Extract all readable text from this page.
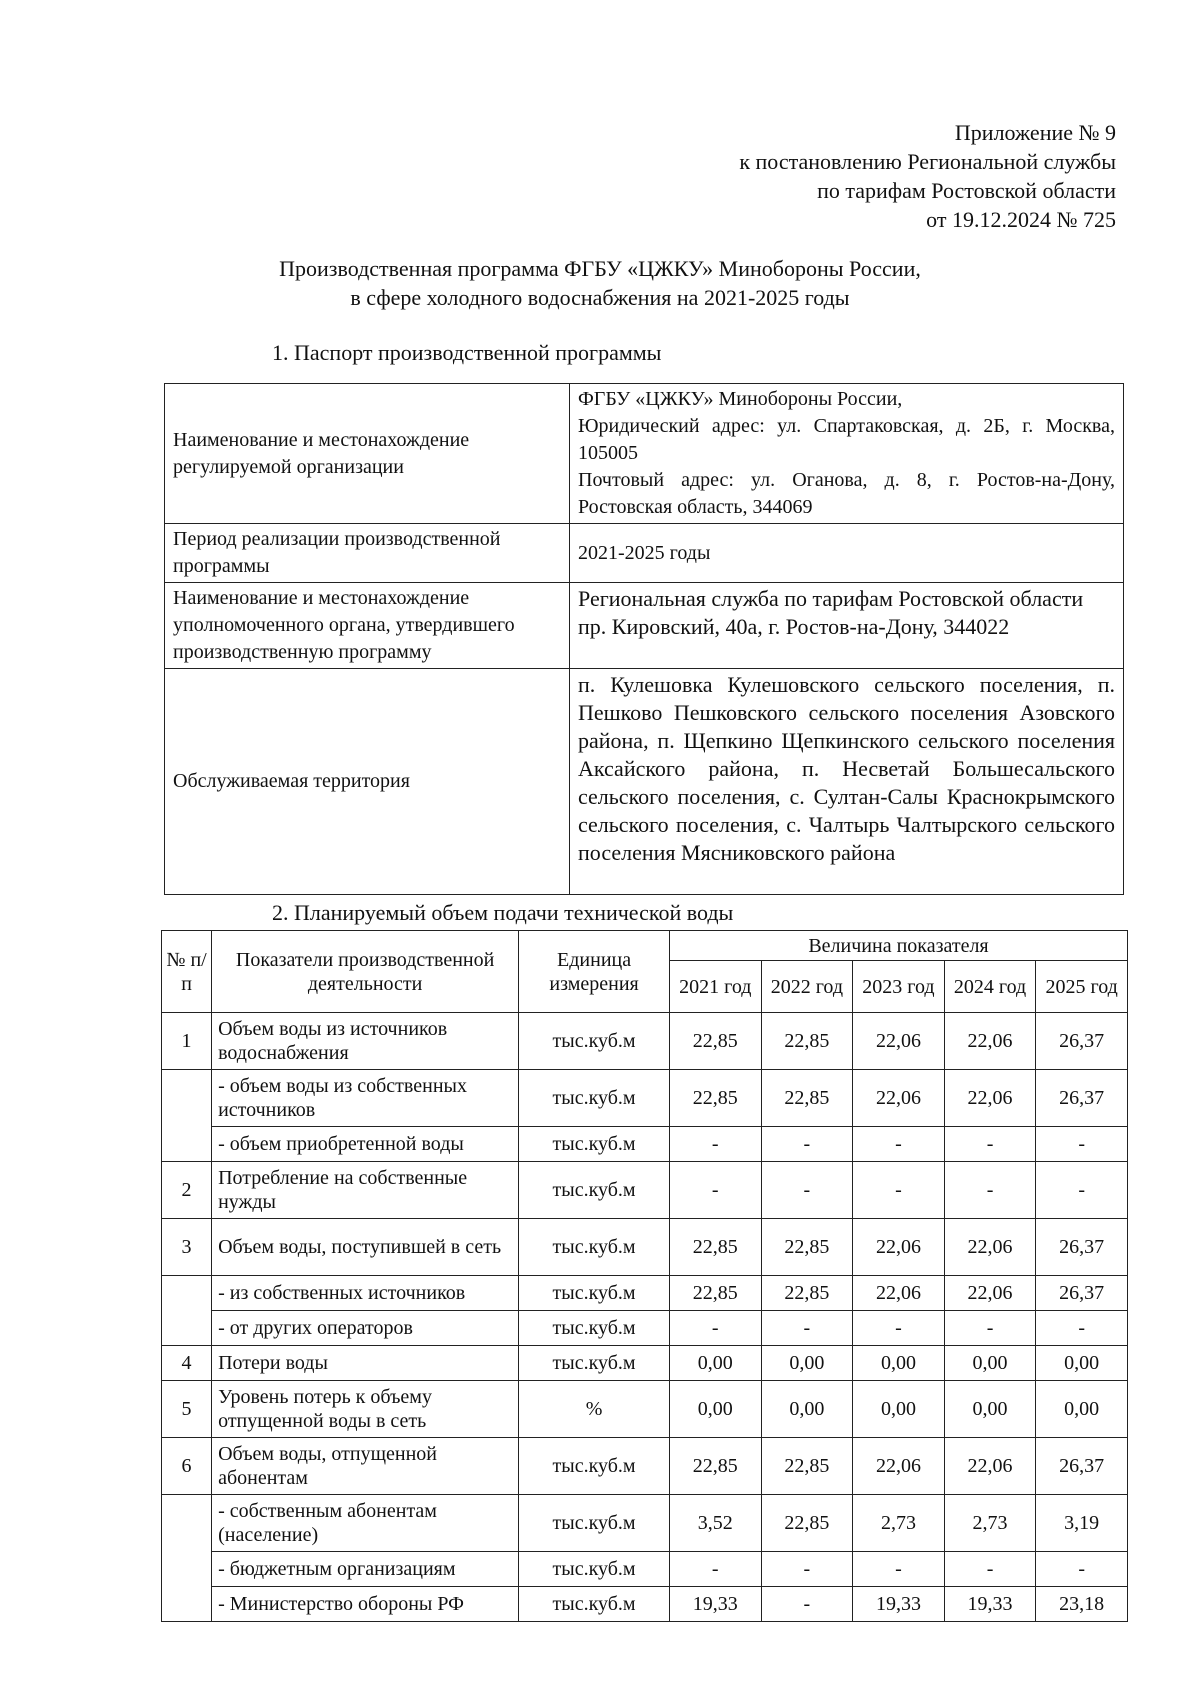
Приложение № 9
к постановлению Региональной службы
по тарифам Ростовской области
от 19.12.2024 № 725
Производственная программа ФГБУ «ЦЖКУ» Минобороны России,
в сфере холодного водоснабжения на 2021-2025 годы
1. Паспорт производственной программы
Наименование и местонахождение регулируемой организации	ФГБУ «ЦЖКУ» Минобороны России,
Юридический адрес: ул. Спартаковская, д. 2Б, г. Москва, 105005
Почтовый адрес: ул. Оганова, д. 8, г. Ростов-на-Дону, Ростовская область, 344069

Период реализации производственной программы	2021-2025 годы

Наименование и местонахождение уполномоченного органа, утвердившего производственную программу	Региональная служба по тарифам Ростовской области
пр. Кировский, 40а, г. Ростов-на-Дону, 344022

Обслуживаемая территория	п. Кулешовка Кулешовского сельского поселения, п. Пешково Пешковского сельского поселения Азовского района, п. Щепкино Щепкинского сельского поселения Аксайского района, п. Несветай Большесальского сельского поселения, с. Султан-Салы Краснокрымского сельского поселения, с. Чалтырь Чалтырского сельского поселения Мясниковского района
2. Планируемый объем подачи технической воды
№ п/п	Показатели производственной деятельности	Единица измерения	Величина показателя				
			2021 год	2022 год	2023 год	2024 год	2025 год
1	Объем воды из источников водоснабжения	тыс.куб.м	22,85	22,85	22,06	22,06	26,37
	- объем воды из собственных источников	тыс.куб.м	22,85	22,85	22,06	22,06	26,37
	- объем приобретенной воды	тыс.куб.м	-	-	-	-	-
2	Потребление на собственные нужды	тыс.куб.м	-	-	-	-	-
3	Объем воды, поступившей в сеть	тыс.куб.м	22,85	22,85	22,06	22,06	26,37
	- из собственных источников	тыс.куб.м	22,85	22,85	22,06	22,06	26,37
	- от других операторов	тыс.куб.м	-	-	-	-	-
4	Потери воды	тыс.куб.м	0,00	0,00	0,00	0,00	0,00
5	Уровень потерь к объему отпущенной воды в сеть	%	0,00	0,00	0,00	0,00	0,00
6	Объем воды, отпущенной абонентам	тыс.куб.м	22,85	22,85	22,06	22,06	26,37
	- собственным абонентам (население)	тыс.куб.м	3,52	22,85	2,73	2,73	3,19
	- бюджетным организациям	тыс.куб.м	-	-	-	-	-
	- Министерство обороны РФ	тыс.куб.м	19,33	-	19,33	19,33	23,18
